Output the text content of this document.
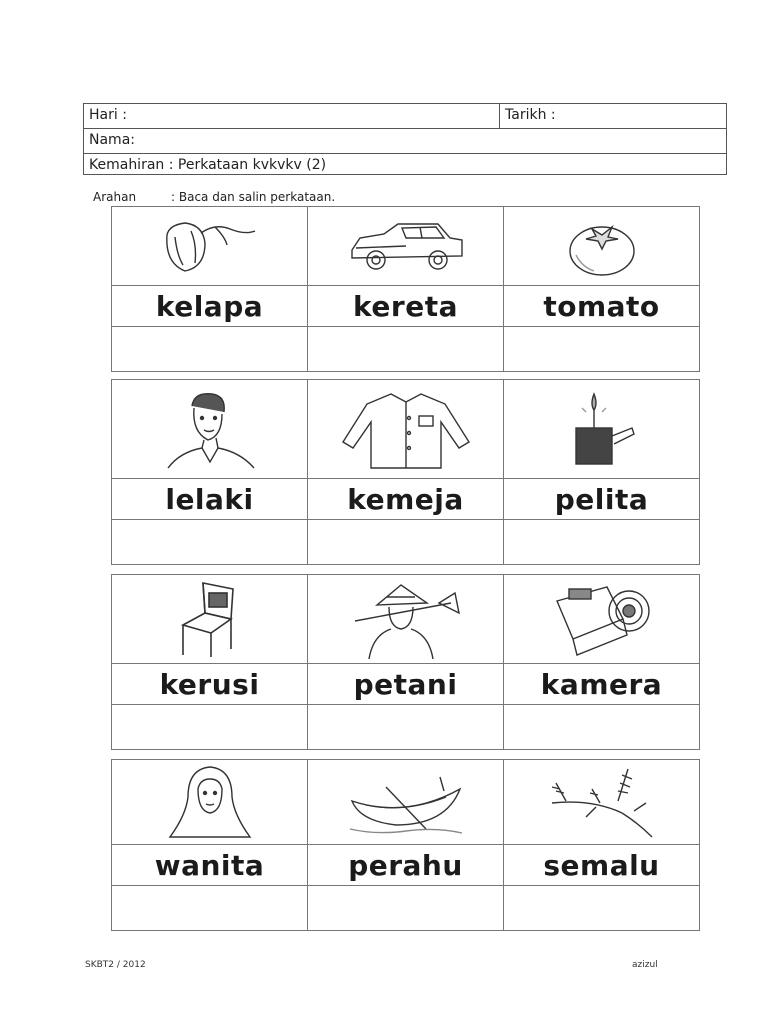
Hari :	Tarikh :
Nama:
Kemahiran : Perkataan kvkvkv (2)
Arahan	: Baca dan salin perkataan.
kelapa	kereta	tomato
lelaki	kemeja	pelita
kerusi	petani	kamera
wanita	perahu	semalu
SKBT2 / 2012	azizul
